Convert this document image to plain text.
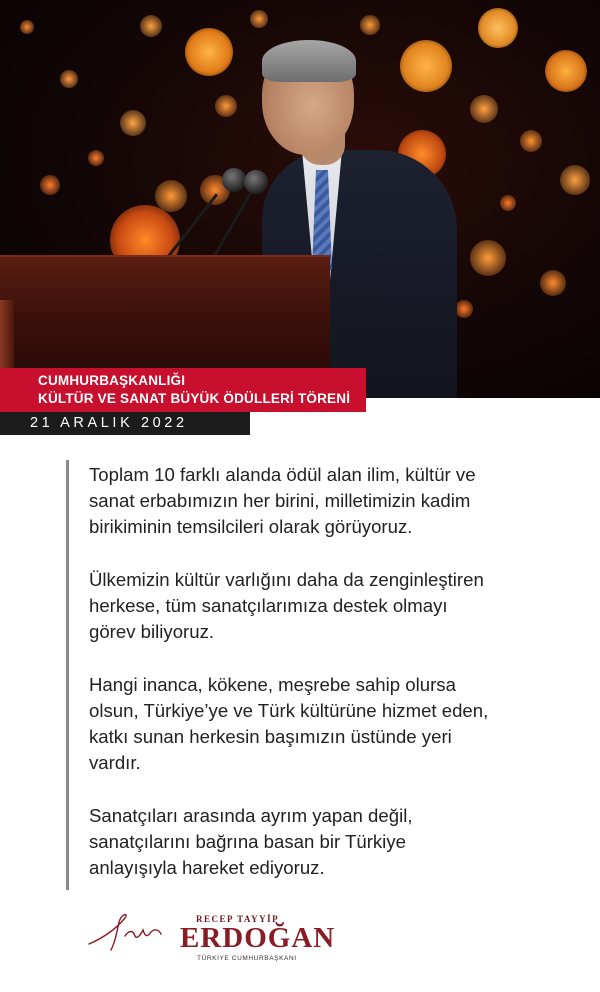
CUMHURBAŞKANLIĞI
KÜLTÜR VE SANAT BÜYÜK ÖDÜLLERİ TÖRENİ
21 ARALIK 2022
Toplam 10 farklı alanda ödül alan ilim, kültür ve
sanat erbabımızın her birini, milletimizin kadim
birikiminin temsilcileri olarak görüyoruz.
Ülkemizin kültür varlığını daha da zenginleştiren
herkese, tüm sanatçılarımıza destek olmayı
görev biliyoruz.
Hangi inanca, kökene, meşrebe sahip olursa
olsun, Türkiye’ye ve Türk kültürüne hizmet eden,
katkı sunan herkesin başımızın üstünde yeri
vardır.
Sanatçıları arasında ayrım yapan değil,
sanatçılarını bağrına basan bir Türkiye
anlayışıyla hareket ediyoruz.
RECEP TAYYİP
ERDOĞAN
TÜRKİYE CUMHURBAŞKANI
